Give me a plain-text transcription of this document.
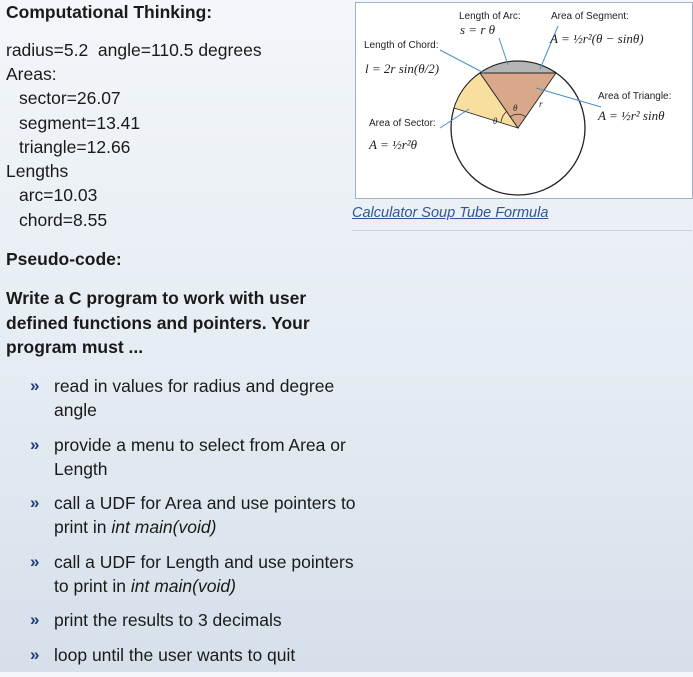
Computational Thinking:
radius=5.2  angle=110.5 degrees
Areas:
sector=26.07
segment=13.41
triangle=12.66
Lengths
arc=10.03
chord=8.55
Pseudo-code:
Write a C program to work with user defined functions and pointers. Your program must ...
» read in values for radius and degree angle
» provide a menu to select from Area or Length
» call a UDF for Area and use pointers to print in int main(void)
» call a UDF for Length and use pointers to print in int main(void)
» print the results to 3 decimals
» loop until the user wants to quit
Length of Arc:
s = r θ
Area of Segment:
A = ½r²(θ − sinθ)
Length of Chord:
l = 2r sin(θ/2)
Area of Triangle:
A = ½r² sinθ
Area of Sector:
A = ½r²θ
θ
θ
r
Calculator Soup Tube Formula
